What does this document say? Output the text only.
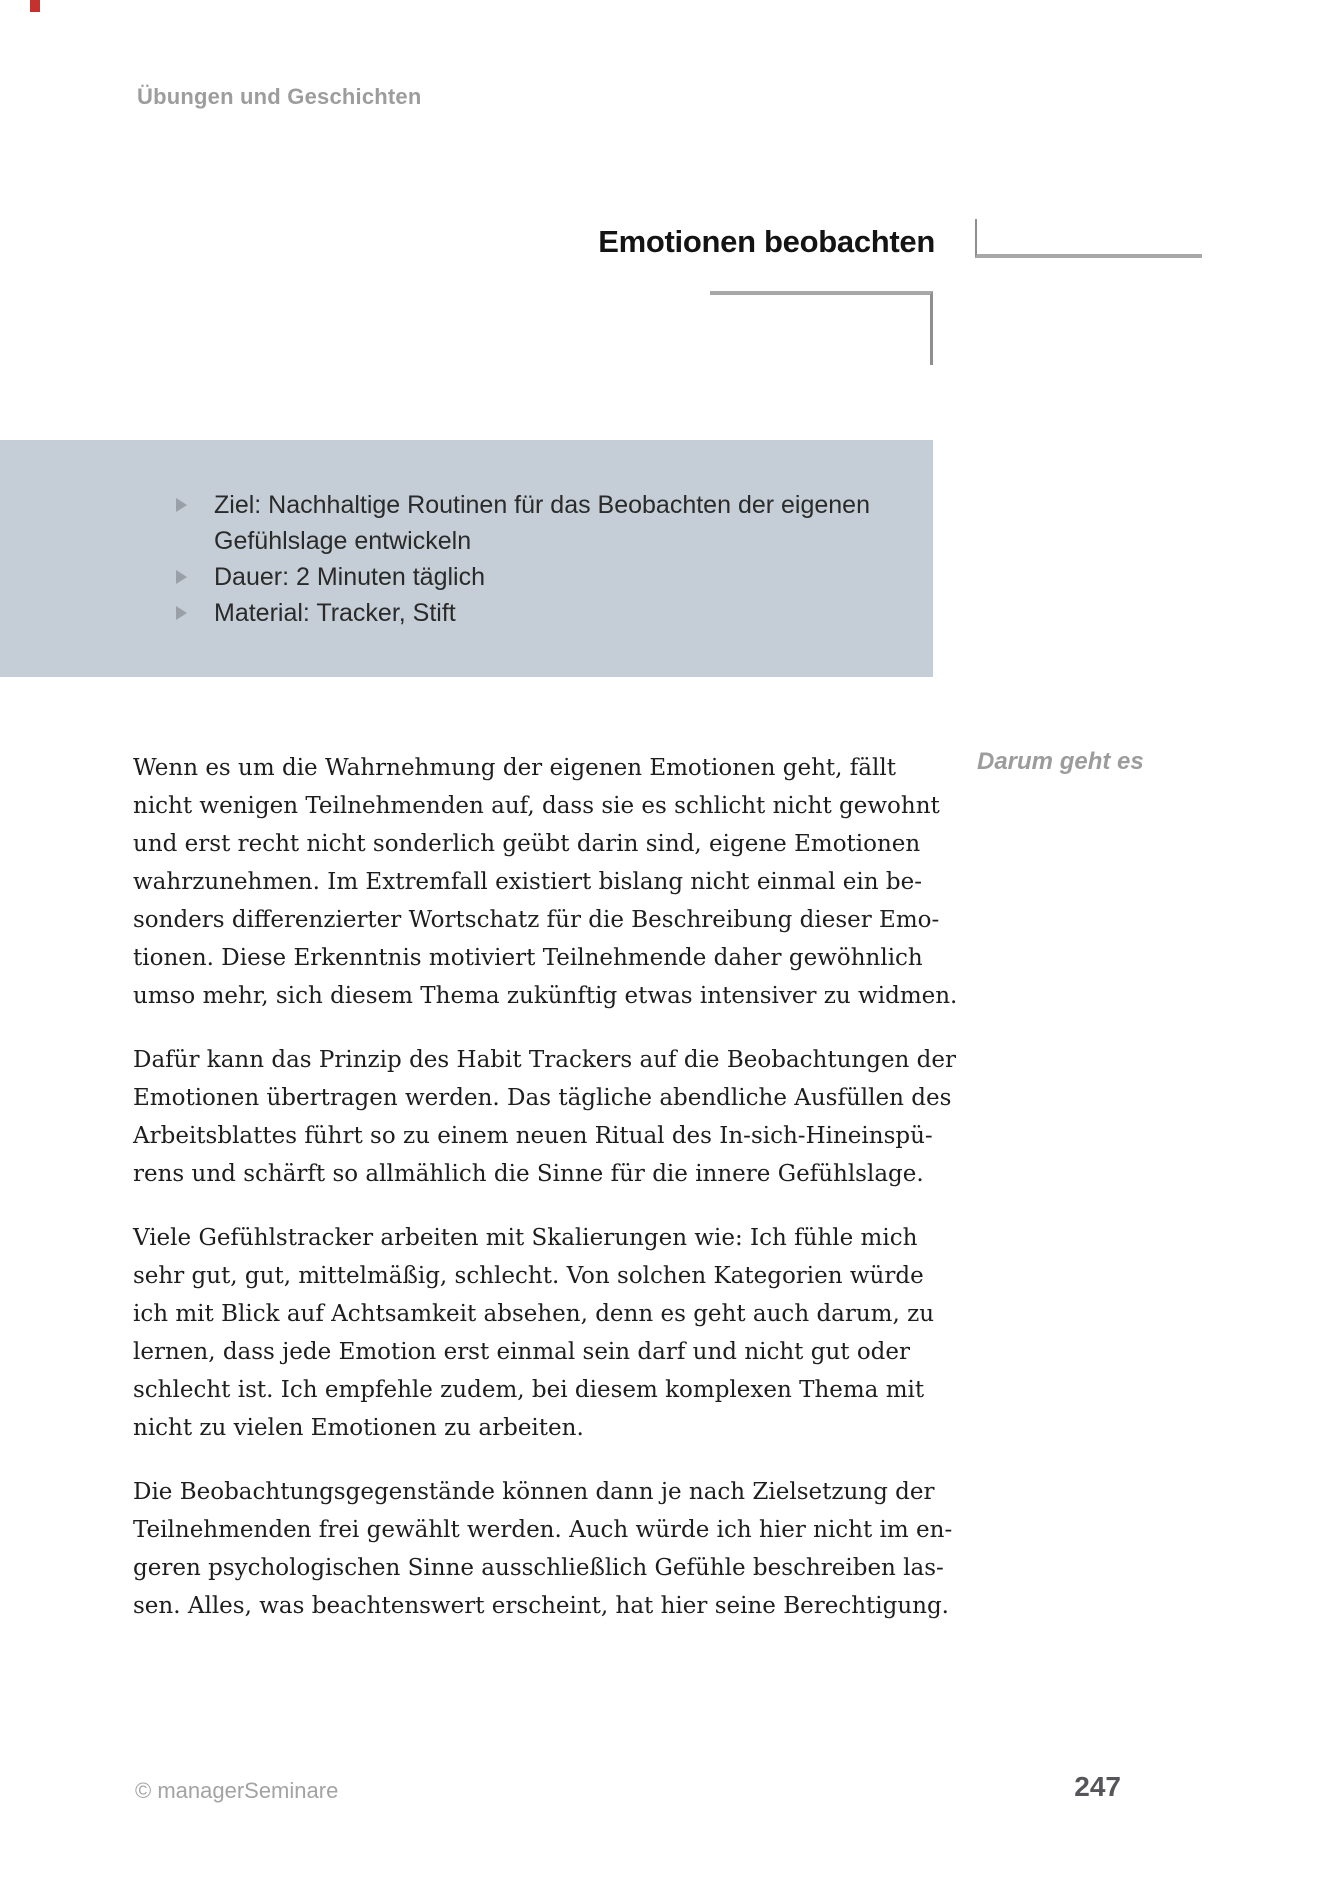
Übungen und Geschichten
Emotionen beobachten
Ziel: Nachhaltige Routinen für das Beobachten der eigenen
Gefühlslage entwickeln
Dauer: 2 Minuten täglich
Material: Tracker, Stift
Darum geht es

Wenn es um die Wahrnehmung der eigenen Emotionen geht, fällt
nicht wenigen Teilnehmenden auf, dass sie es schlicht nicht gewohnt
und erst recht nicht sonderlich geübt darin sind, eigene Emotionen
wahrzunehmen. Im Extremfall existiert bislang nicht einmal ein be-
sonders differenzierter Wortschatz für die Beschreibung dieser Emo-
tionen. Diese Erkenntnis motiviert Teilnehmende daher gewöhnlich
umso mehr, sich diesem Thema zukünftig etwas intensiver zu widmen.

Dafür kann das Prinzip des Habit Trackers auf die Beobachtungen der
Emotionen übertragen werden. Das tägliche abendliche Ausfüllen des
Arbeitsblattes führt so zu einem neuen Ritual des In-sich-Hineinspü-
rens und schärft so allmählich die Sinne für die innere Gefühlslage.

Viele Gefühlstracker arbeiten mit Skalierungen wie: Ich fühle mich
sehr gut, gut, mittelmäßig, schlecht. Von solchen Kategorien würde
ich mit Blick auf Achtsamkeit absehen, denn es geht auch darum, zu
lernen, dass jede Emotion erst einmal sein darf und nicht gut oder
schlecht ist. Ich empfehle zudem, bei diesem komplexen Thema mit
nicht zu vielen Emotionen zu arbeiten.

Die Beobachtungsgegenstände können dann je nach Zielsetzung der
Teilnehmenden frei gewählt werden. Auch würde ich hier nicht im en-
geren psychologischen Sinne ausschließlich Gefühle beschreiben las-
sen. Alles, was beachtenswert erscheint, hat hier seine Berechtigung.

© managerSeminare	247
